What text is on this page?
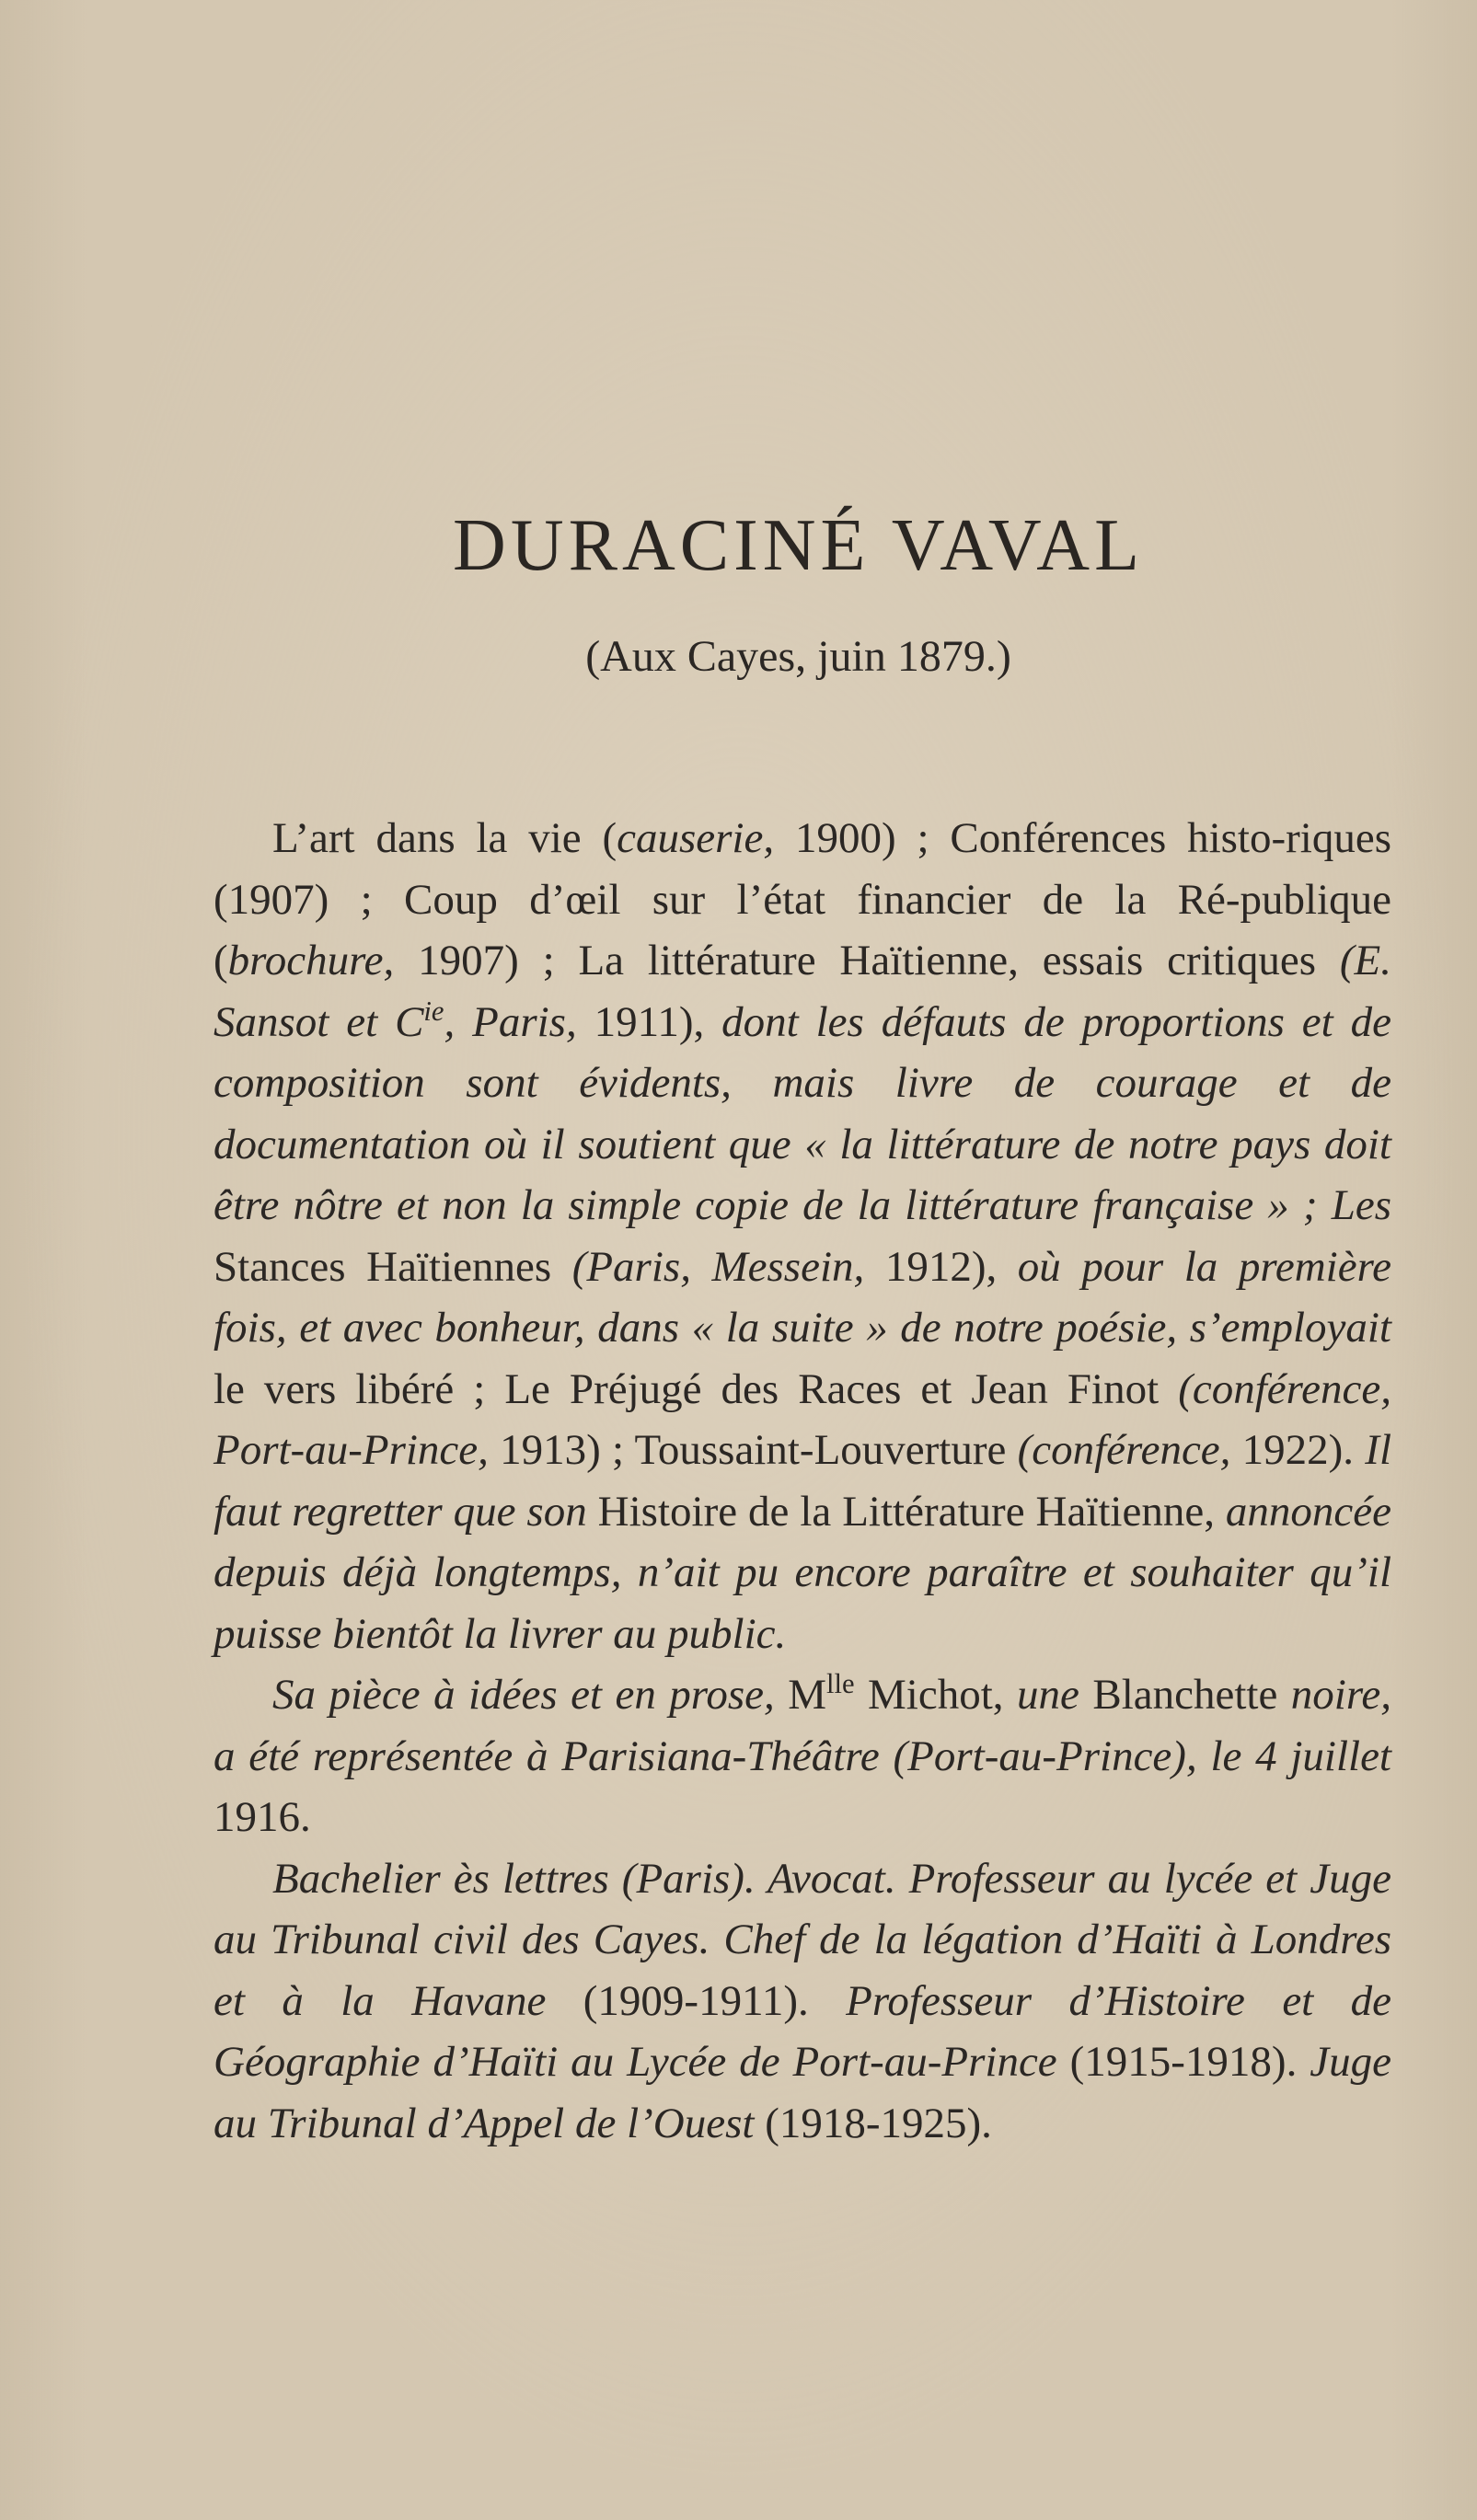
DURACINÉ VAVAL
(Aux Cayes, juin 1879.)

L’art dans la vie (causerie, 1900) ; Conférences histo-riques (1907) ; Coup d’œil sur l’état financier de la Ré-publique (brochure, 1907) ; La littérature Haïtienne, essais critiques (E. Sansot et $C^{ie}$, Paris, 1911), dont les défauts de proportions et de composition sont évidents, mais livre de courage et de documentation où il soutient que « la littérature de notre pays doit être nôtre et non la simple copie de la littérature française » ; Les Stances Haïtiennes (Paris, Messein, 1912), où pour la première fois, et avec bonheur, dans « la suite » de notre poésie, s’employait le vers libéré ; Le Préjugé des Races et Jean Finot (conférence, Port-au-Prince, 1913) ; Toussaint-Louverture (conférence, 1922). Il faut regretter que son Histoire de la Littérature Haïtienne, annoncée depuis déjà longtemps, n’ait pu encore paraître et souhaiter qu’il puisse bientôt la livrer au public.

Sa pièce à idées et en prose, $M^{lle}$ Michot, une Blanchette noire, a été représentée à Parisiana-Théâtre (Port-au-Prince), le 4 juillet 1916.

Bachelier ès lettres (Paris). Avocat. Professeur au lycée et Juge au Tribunal civil des Cayes. Chef de la légation d’Haïti à Londres et à la Havane (1909-1911). Professeur d’Histoire et de Géographie d’Haïti au Lycée de Port-au-Prince (1915-1918). Juge au Tribunal d’Appel de l’Ouest (1918-1925).
